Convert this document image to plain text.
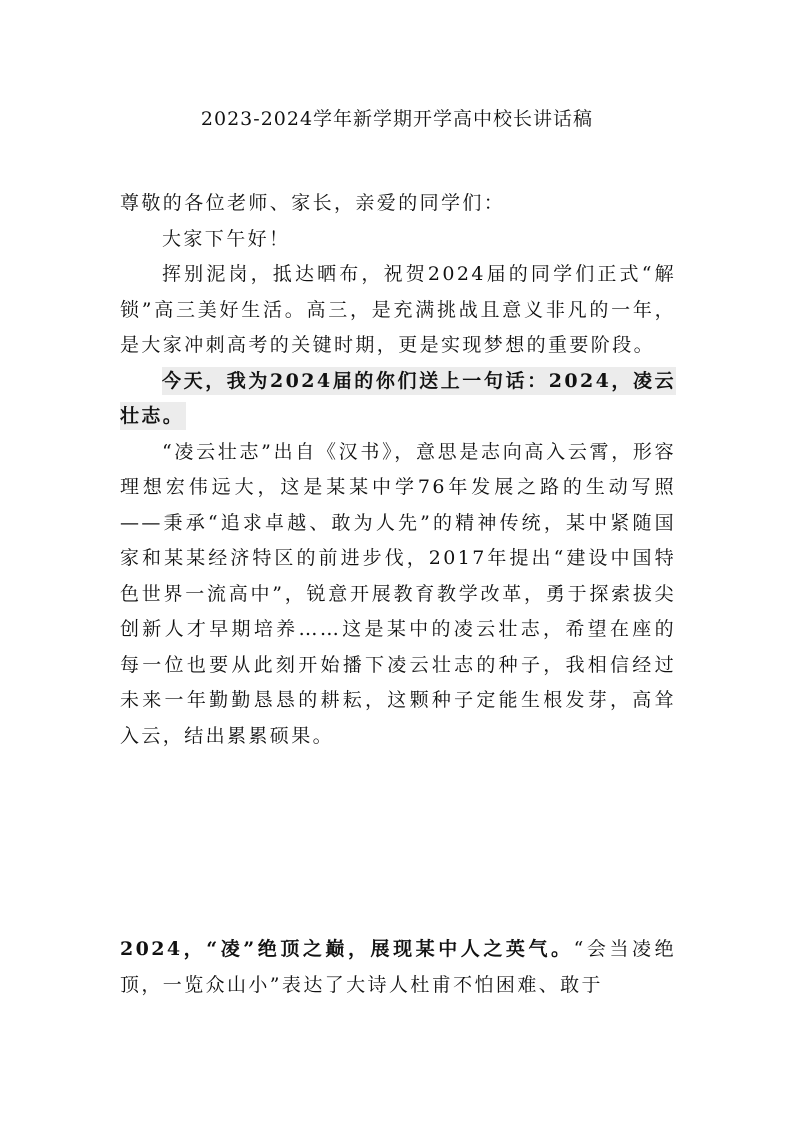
2023-2024学年新学期开学高中校长讲话稿

尊敬的各位老师、家长，亲爱的同学们：

大家下午好！

挥别泥岗，抵达晒布，祝贺2024届的同学们正式“解锁”高三美好生活。高三，是充满挑战且意义非凡的一年，是大家冲刺高考的关键时期，更是实现梦想的重要阶段。

今天，我为2024届的你们送上一句话：2024，凌云壮志。

“凌云壮志”出自《汉书》，意思是志向高入云霄，形容理想宏伟远大，这是某某中学76年发展之路的生动写照——秉承“追求卓越、敢为人先”的精神传统，某中紧随国家和某某经济特区的前进步伐，2017年提出“建设中国特色世界一流高中”，锐意开展教育教学改革，勇于探索拔尖创新人才早期培养……这是某中的凌云壮志，希望在座的每一位也要从此刻开始播下凌云壮志的种子，我相信经过未来一年勤勤恳恳的耕耘，这颗种子定能生根发芽，高耸入云，结出累累硕果。

2024，“凌”绝顶之巅，展现某中人之英气。“会当凌绝顶，一览众山小”表达了大诗人杜甫不怕困难、敢于
